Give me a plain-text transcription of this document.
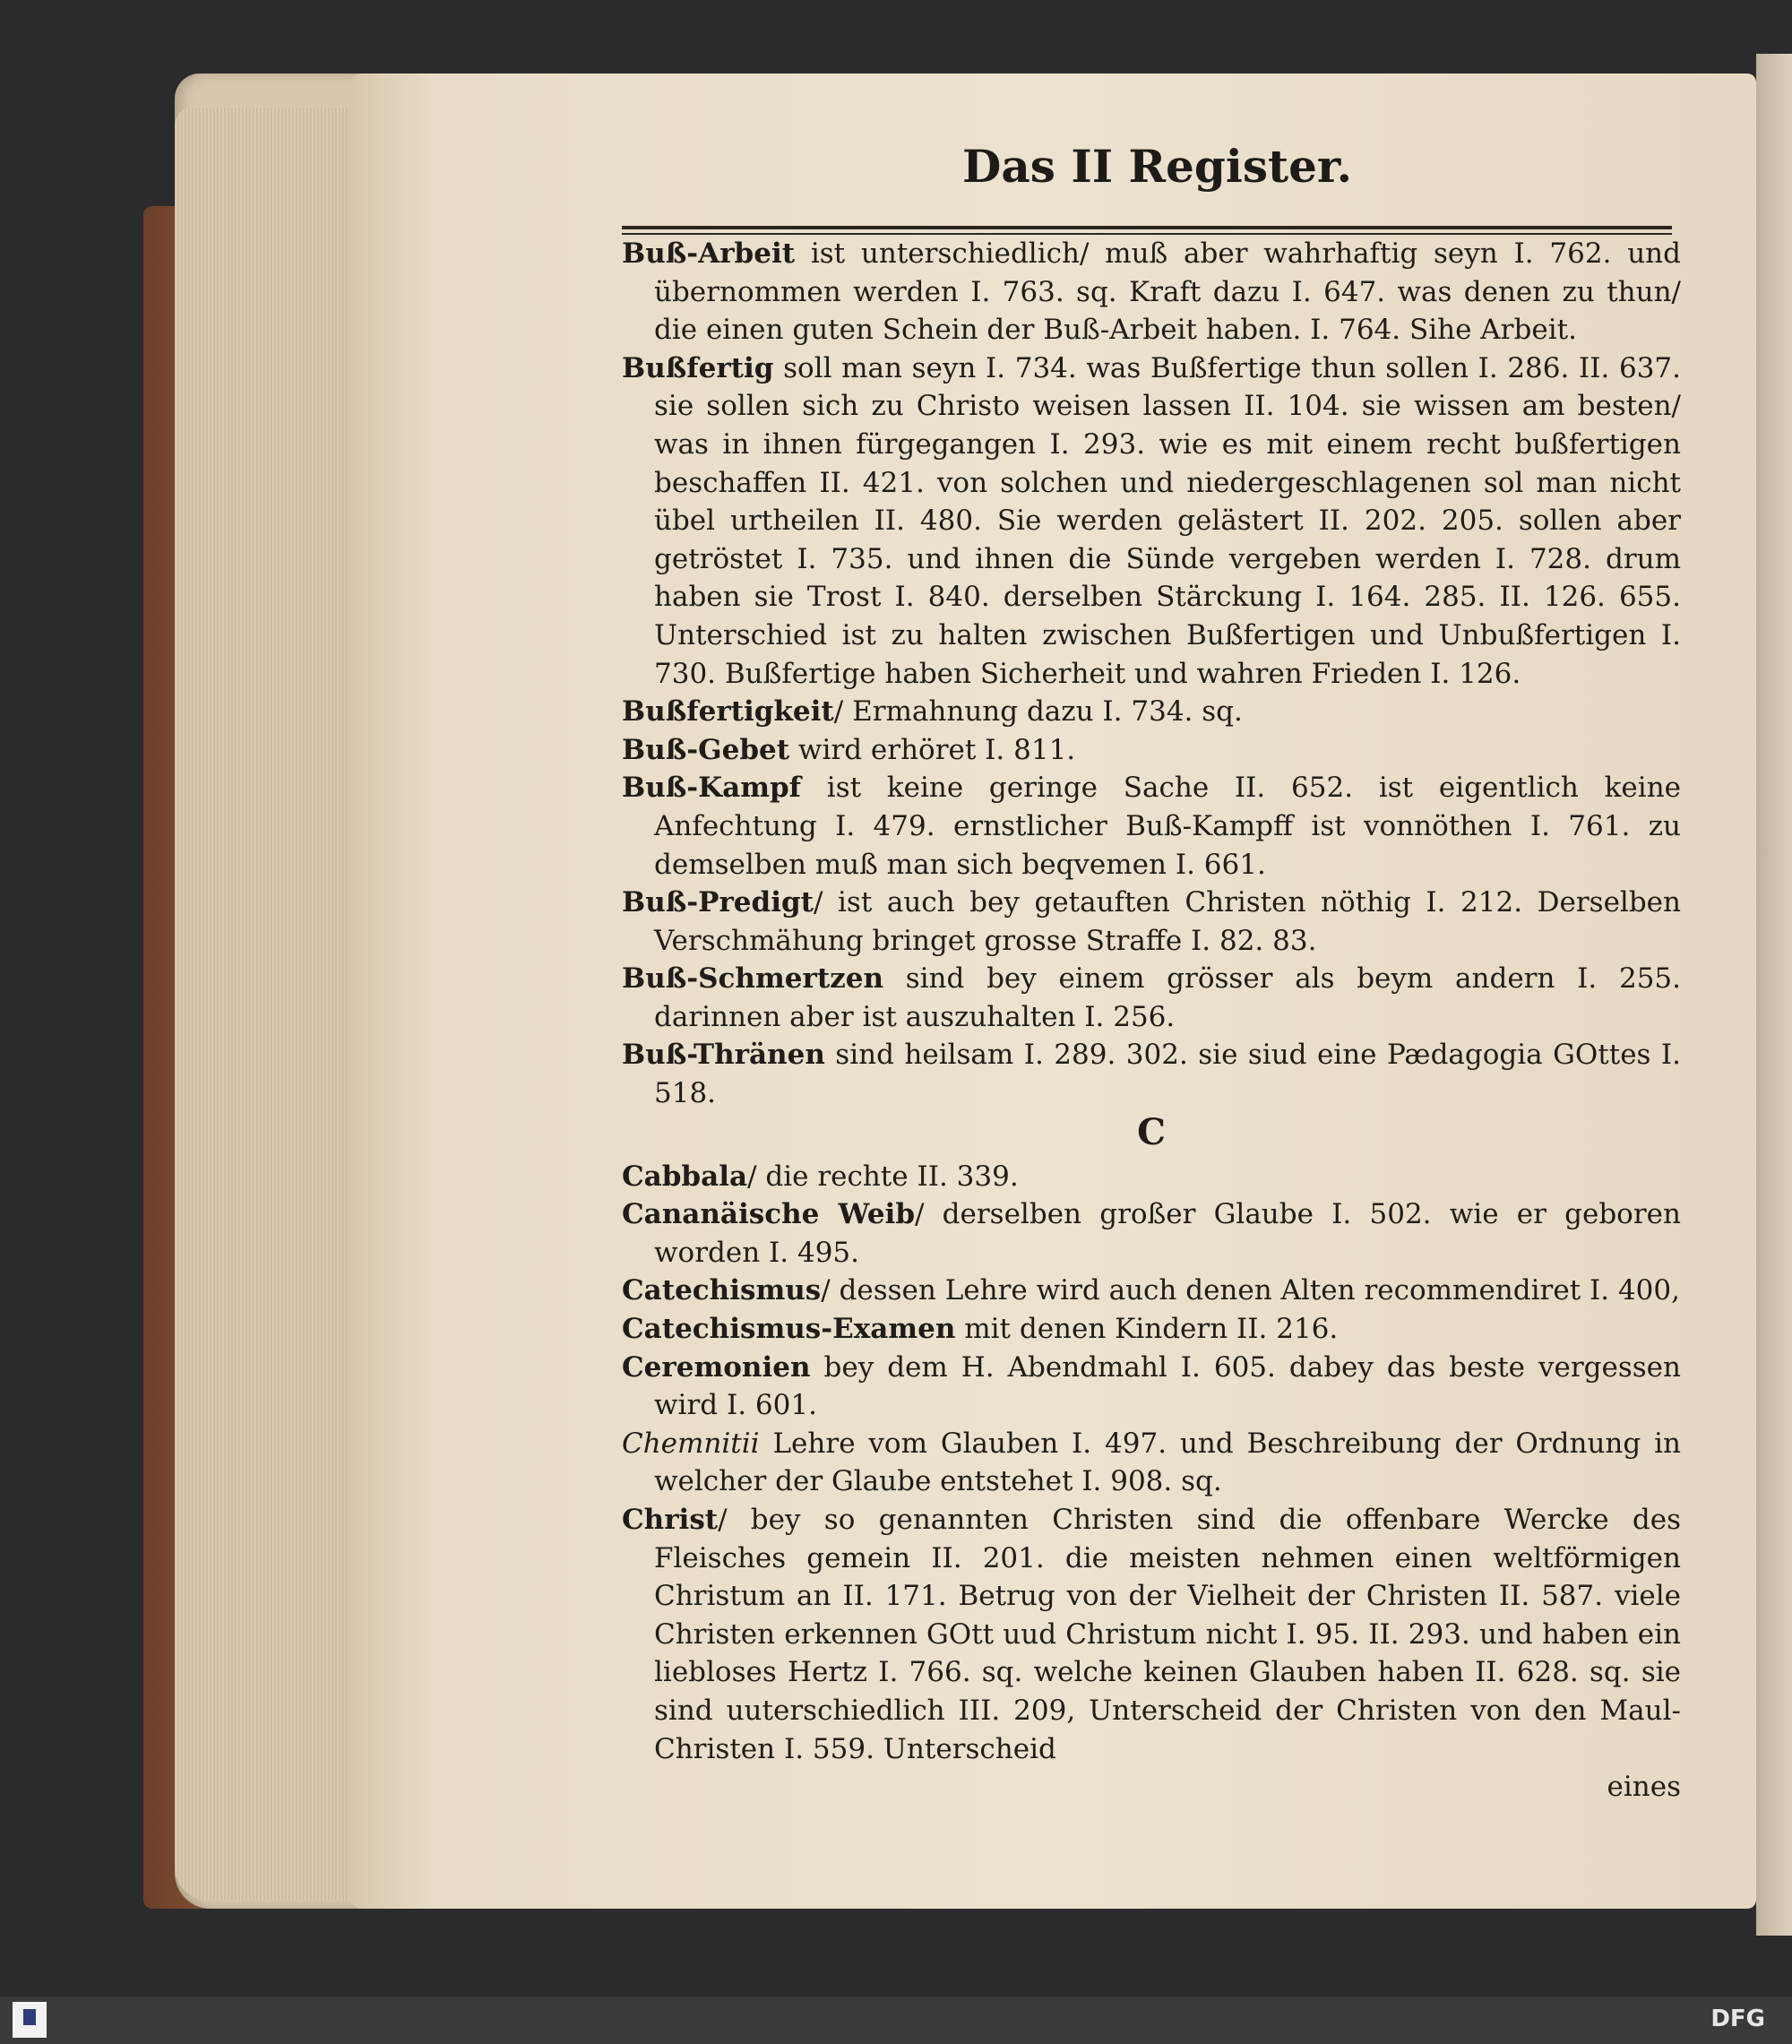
Das II Register.

Buß-Arbeit ist unterschiedlich/ muß aber wahrhaftig seyn I. 762. und übernommen werden I. 763. sq. Kraft dazu I. 647. was denen zu thun/ die einen guten Schein der Buß-Arbeit haben. I. 764. Sihe Arbeit.

Bußfertig soll man seyn I. 734. was Bußfertige thun sollen I. 286. II. 637. sie sollen sich zu Christo weisen lassen II. 104. sie wissen am besten/ was in ihnen fürgegangen I. 293. wie es mit einem recht bußfertigen beschaffen II. 421. von solchen und niedergeschlagenen sol man nicht übel urtheilen II. 480. Sie werden gelästert II. 202. 205. sollen aber getröstet I. 735. und ihnen die Sünde vergeben werden I. 728. drum haben sie Trost I. 840. derselben Stärckung I. 164. 285. II. 126. 655. Unterschied ist zu halten zwischen Bußfertigen und Unbußfertigen I. 730. Bußfertige haben Sicherheit und wahren Frieden I. 126.

Bußfertigkeit/ Ermahnung dazu I. 734. sq.

Buß-Gebet wird erhöret I. 811.

Buß-Kampf ist keine geringe Sache II. 652. ist eigentlich keine Anfechtung I. 479. ernstlicher Buß-Kampff ist vonnöthen I. 761. zu demselben muß man sich beqvemen I. 661.

Buß-Predigt/ ist auch bey getauften Christen nöthig I. 212. Derselben Verschmähung bringet grosse Straffe I. 82. 83.

Buß-Schmertzen sind bey einem grösser als beym andern I. 255. darinnen aber ist auszuhalten I. 256.

Buß-Thränen sind heilsam I. 289. 302. sie siud eine Pædagogia GOttes I. 518.

C

Cabbala/ die rechte II. 339.

Cananäische Weib/ derselben großer Glaube I. 502. wie er geboren worden I. 495.

Catechismus/ dessen Lehre wird auch denen Alten recommendiret I. 400,

Catechismus-Examen mit denen Kindern II. 216.

Ceremonien bey dem H. Abendmahl I. 605. dabey das beste vergessen wird I. 601.

Chemnitii Lehre vom Glauben I. 497. und Beschreibung der Ordnung in welcher der Glaube entstehet I. 908. sq.

Christ/ bey so genannten Christen sind die offenbare Wercke des Fleisches gemein II. 201. die meisten nehmen einen weltförmigen Christum an II. 171. Betrug von der Vielheit der Christen II. 587. viele Christen erkennen GOtt uud Christum nicht I. 95. II. 293. und haben ein liebloses Hertz I. 766. sq. welche keinen Glauben haben II. 628. sq. sie sind uuterschiedlich III. 209, Unterscheid der Christen von den Maul-Christen I. 559. Unterscheid

eines

DFG
